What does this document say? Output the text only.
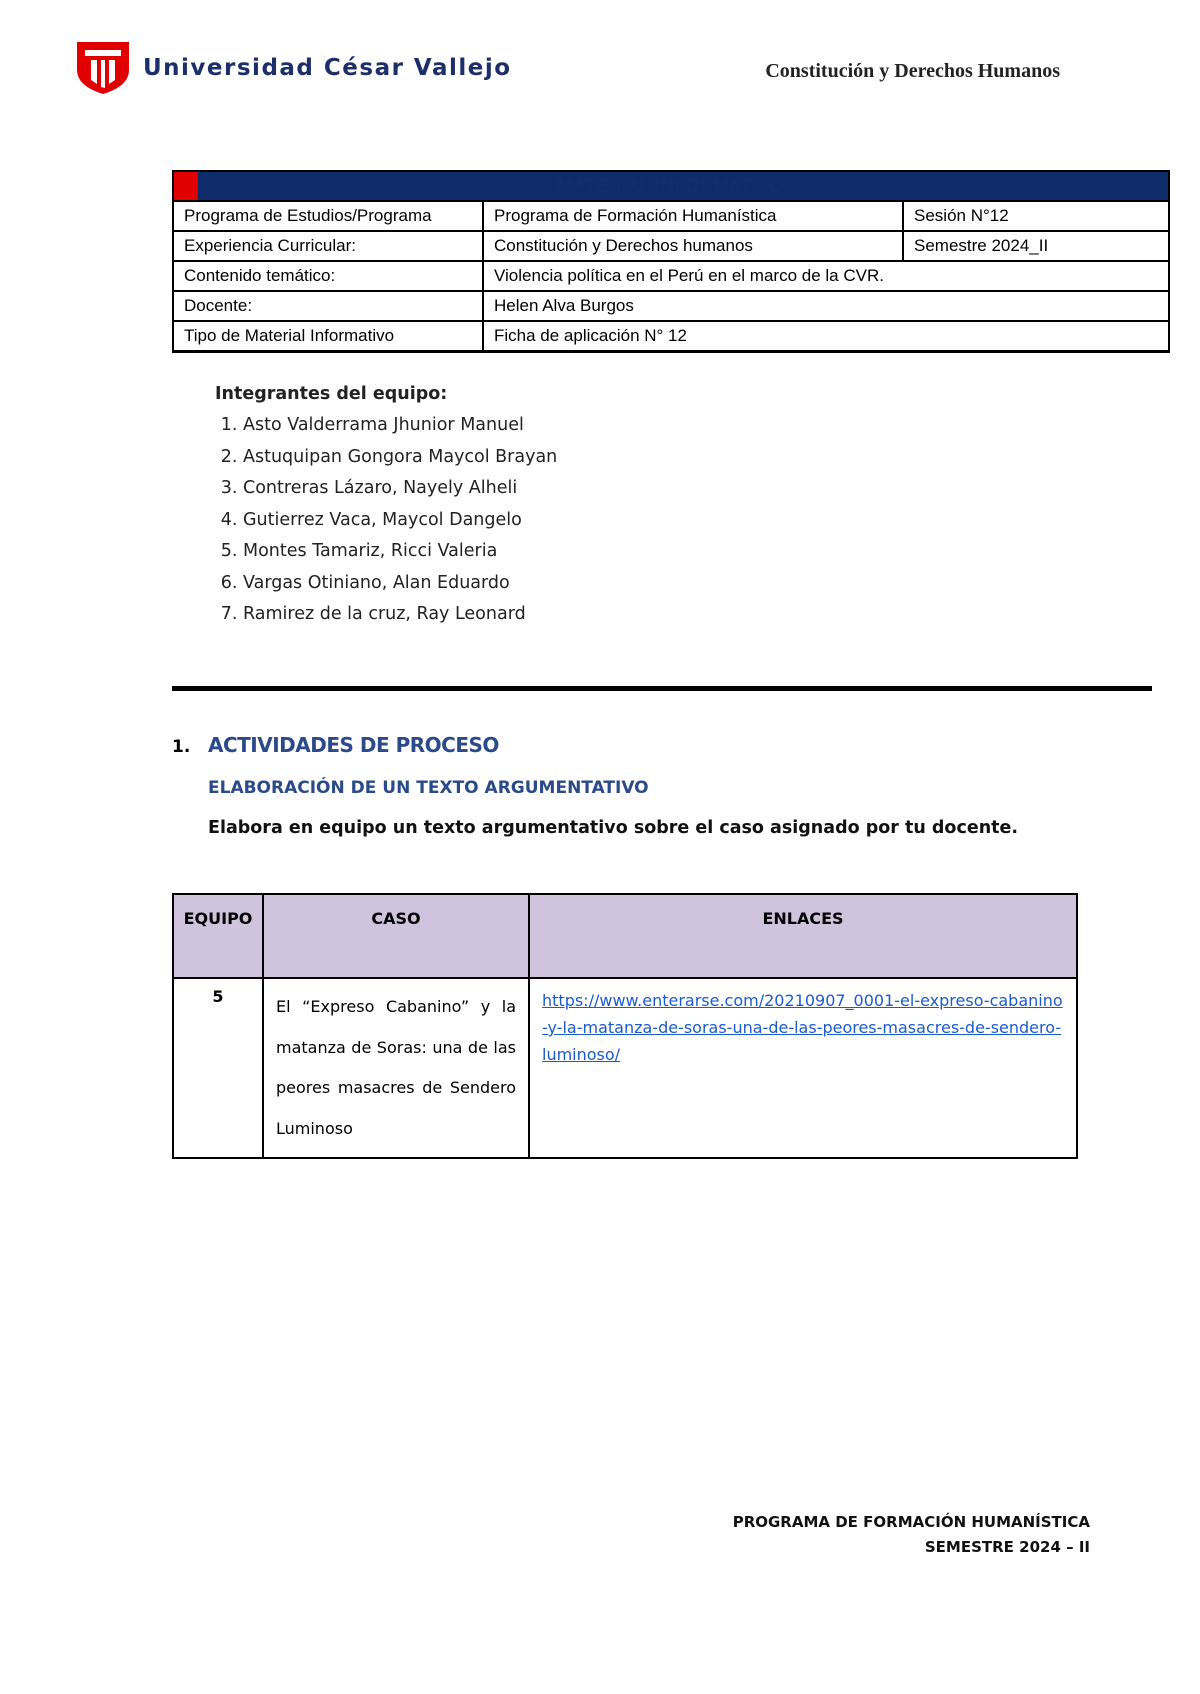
Universidad César Vallejo	Constitución y Derechos Humanos
MATERIAL INFORMATIVO		
Programa de Estudios/Programa	Programa de Formación Humanística	Sesión N°12
Experiencia Curricular:	Constitución y Derechos humanos	Semestre 2024_II
Contenido temático:	Violencia política en el Perú en el marco de la CVR.	
Docente:	Helen Alva Burgos	
Tipo de Material Informativo	Ficha de aplicación N° 12	
Integrantes del equipo:
1. Asto Valderrama Jhunior Manuel
2. Astuquipan Gongora Maycol Brayan
3. Contreras Lázaro, Nayely Alheli
4. Gutierrez Vaca, Maycol Dangelo
5. Montes Tamariz, Ricci Valeria
6. Vargas Otiniano, Alan Eduardo
7. Ramirez de la cruz, Ray Leonard
1. ACTIVIDADES DE PROCESO
ELABORACIÓN DE UN TEXTO ARGUMENTATIVO
Elabora en equipo un texto argumentativo sobre el caso asignado por tu docente.
EQUIPO	CASO	ENLACES
5	El “Expreso Cabanino” y la matanza de Soras: una de las peores masacres de Sendero Luminoso	https://www.enterarse.com/20210907_0001-el-expreso-cabanino-y-la-matanza-de-soras-una-de-las-peores-masacres-de-sendero-luminoso/
PROGRAMA DE FORMACIÓN HUMANÍSTICA
SEMESTRE 2024 – II
